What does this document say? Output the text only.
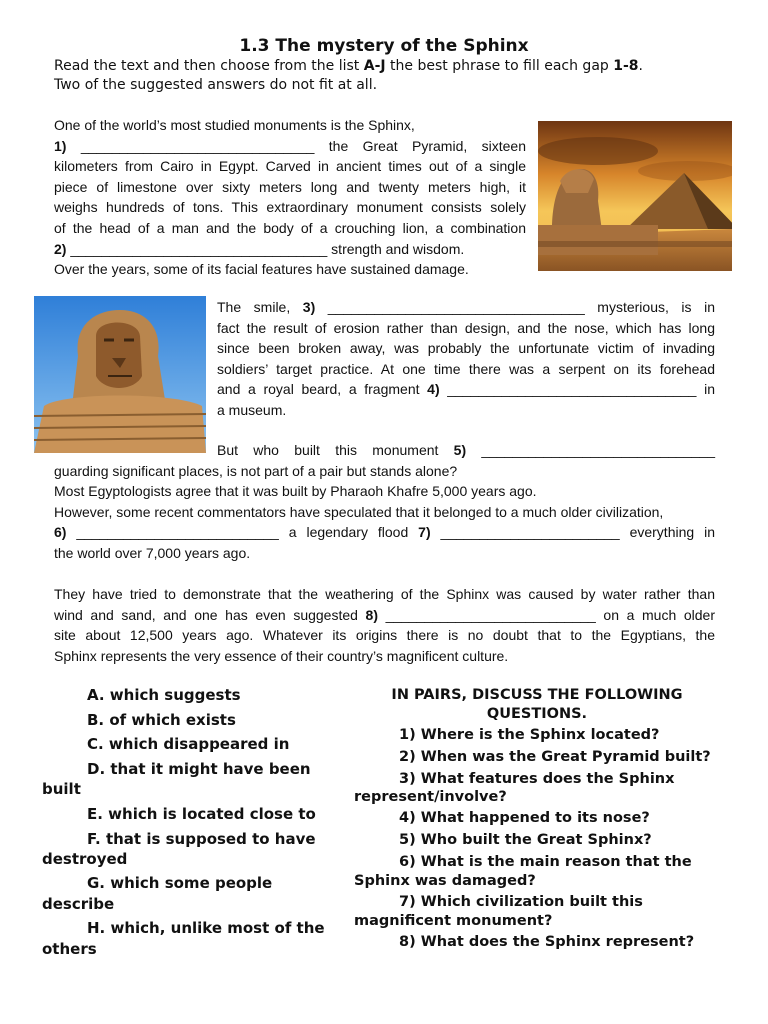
1.3 The mystery of the Sphinx
Read the text and then choose from the list A-J the best phrase to fill each gap 1-8.
Two of the suggested answers do not fit at all.
One of the world’s most studied monuments is the Sphinx,
1) ______________________________ the Great Pyramid, sixteen
kilometers from Cairo in Egypt. Carved in ancient times out of a single
piece of limestone over sixty meters long and twenty meters high, it
weighs hundreds of tons. This extraordinary monument consists solely
of the head of a man and the body of a crouching lion, a combination
2) _________________________________ strength and wisdom.
Over the years, some of its facial features have sustained damage.
The smile, 3) _________________________________ mysterious, is in
fact the result of erosion rather than design, and the nose, which has long
since been broken away, was probably the unfortunate victim of invading
soldiers’ target practice. At one time there was a serpent on its forehead
and a royal beard, a fragment 4) ________________________________ in
a museum.
But who built this monument 5) ______________________________
guarding significant places, is not part of a pair but stands alone?
Most Egyptologists agree that it was built by Pharaoh Khafre 5,000 years ago.
However, some recent commentators have speculated that it belonged to a much older civilization,
6) __________________________ a legendary flood 7) _______________________ everything in
the world over 7,000 years ago.
They have tried to demonstrate that the weathering of the Sphinx was caused by water rather than
wind and sand, and one has even suggested 8) ___________________________ on a much older
site about 12,500 years ago. Whatever its origins there is no doubt that to the Egyptians, the
Sphinx represents the very essence of their country’s magnificent culture.
A. which suggests
B. of which exists
C. which disappeared in
D. that it might have been
built
E. which is located close to
F. that is supposed to have
destroyed
G. which some people
describe
H. which, unlike most of the
others
IN PAIRS, DISCUSS THE FOLLOWING
QUESTIONS.
1) Where is the Sphinx located?
2) When was the Great Pyramid built?
3) What features does the Sphinx
represent/involve?
4) What happened to its nose?
5) Who built the Great Sphinx?
6) What is the main reason that the
Sphinx was damaged?
7) Which civilization built this
magnificent monument?
8) What does the Sphinx represent?
